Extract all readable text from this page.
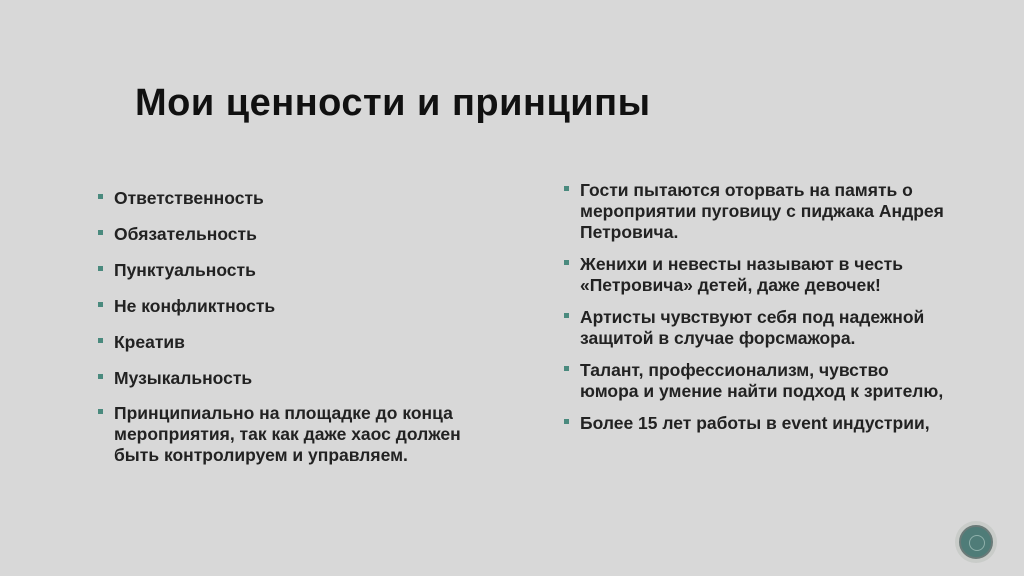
Мои ценности и принципы
Ответственность
Обязательность
Пунктуальность
Не конфликтность
Креатив
Музыкальность
Принципиально на площадке до конца мероприятия, так как даже хаос должен быть контролируем и управляем.
Гости пытаются оторвать на память о мероприятии пуговицу с пиджака Андрея Петровича.
Женихи и невесты называют в честь «Петровича» детей, даже девочек!
Артисты чувствуют себя под надежной защитой в случае форсмажора.
Талант, профессионализм, чувство юмора и умение найти подход к зрителю,
Более 15 лет работы в event индустрии,
